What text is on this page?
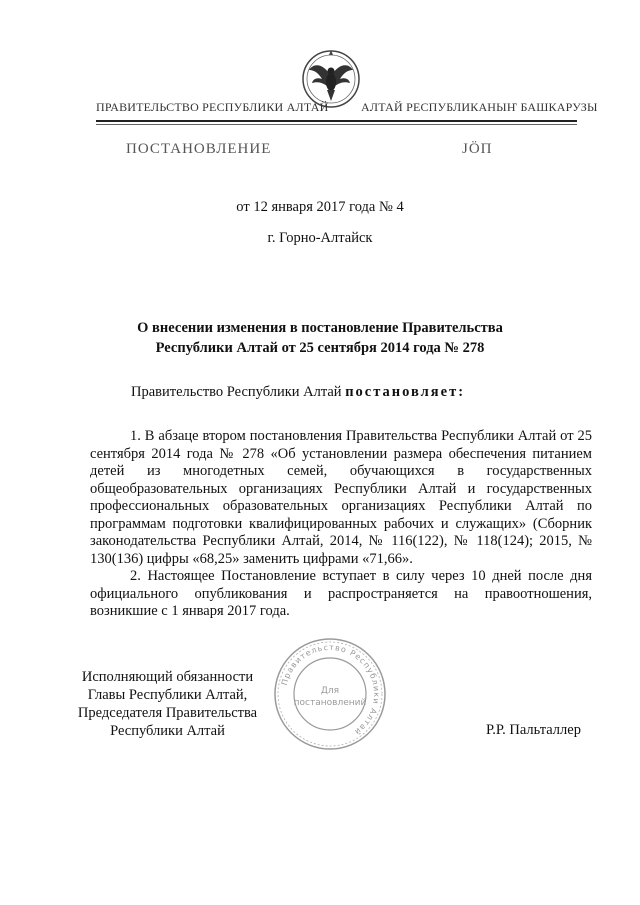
ПРАВИТЕЛЬСТВО РЕСПУБЛИКИ АЛТАЙ	АЛТАЙ РЕСПУБЛИКАНЫҤ БАШКАРУЗЫ
ПОСТАНОВЛЕНИЕ	JÖП
от 12 января 2017 года № 4
г. Горно-Алтайск
О внесении изменения в постановление Правительства
Республики Алтай от 25 сентября 2014 года № 278
Правительство Республики Алтай постановляет:

1. В абзаце втором постановления Правительства Республики Алтай от 25 сентября 2014 года № 278 «Об установлении размера обеспечения питанием детей из многодетных семей, обучающихся в государственных общеобразовательных организациях Республики Алтай и государственных профессиональных образовательных организациях Республики Алтай по программам подготовки квалифицированных рабочих и служащих» (Сборник законодательства Республики Алтай, 2014, № 116(122), № 118(124); 2015, № 130(136) цифры «68,25» заменить цифрами «71,66».

2. Настоящее Постановление вступает в силу через 10 дней после дня официального опубликования и распространяется на правоотношения, возникшие с 1 января 2017 года.

Исполняющий обязанности
Главы Республики Алтай,
Председателя Правительства
Республики Алтай
Правительство Республики Алтай
Для
постановлений
Р.Р. Пальталлер
